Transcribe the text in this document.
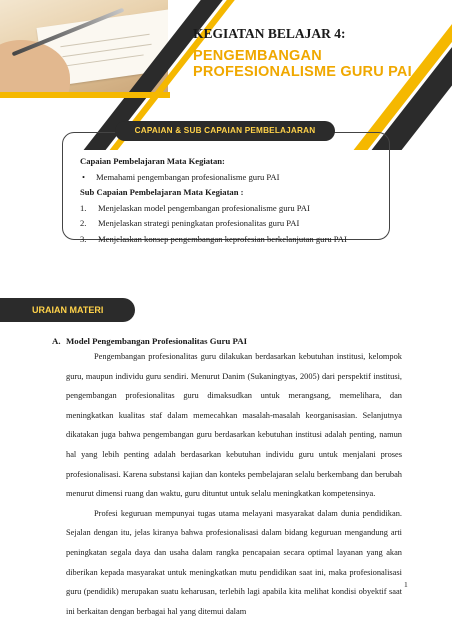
KEGIATAN BELAJAR 4:
PENGEMBANGAN PROFESIONALISME GURU PAI
CAPAIAN & SUB CAPAIAN PEMBELAJARAN
Capaian Pembelajaran Mata Kegiatan:
• Memahami pengembangan profesionalisme guru PAI
Sub Capaian Pembelajaran Mata Kegiatan :
1. Menjelaskan model pengembangan profesionalisme guru PAI
2. Menjelaskan strategi peningkatan profesionalitas guru PAI
3. Menjelaskan konsep pengembangan keprofesian berkelanjutan guru PAI
URAIAN MATERI
A. Model Pengembangan Profesionalitas Guru PAI

Pengembangan profesionalitas guru dilakukan berdasarkan kebutuhan institusi, kelompok guru, maupun individu guru sendiri. Menurut Danim (Sukaningtyas, 2005) dari perspektif institusi, pengembangan profesionalitas guru dimaksudkan untuk merangsang, memelihara, dan meningkatkan kualitas staf dalam memecahkan masalah-masalah keorganisasian. Selanjutnya dikatakan juga bahwa pengembangan guru berdasarkan kebutuhan institusi adalah penting, namun hal yang lebih penting adalah berdasarkan kebutuhan individu guru untuk menjalani proses profesionalisasi. Karena substansi kajian dan konteks pembelajaran selalu berkembang dan berubah menurut dimensi ruang dan waktu, guru dituntut untuk selalu meningkatkan kompetensinya.

Profesi keguruan mempunyai tugas utama melayani masyarakat dalam dunia pendidikan. Sejalan dengan itu, jelas kiranya bahwa profesionalisasi dalam bidang keguruan mengandung arti peningkatan segala daya dan usaha dalam rangka pencapaian secara optimal layanan yang akan diberikan kepada masyarakat untuk meningkatkan mutu pendidikan saat ini, maka profesionalisasi guru (pendidik) merupakan suatu keharusan, terlebih lagi apabila kita melihat kondisi obyektif saat ini berkaitan dengan berbagai hal yang ditemui dalam

1
